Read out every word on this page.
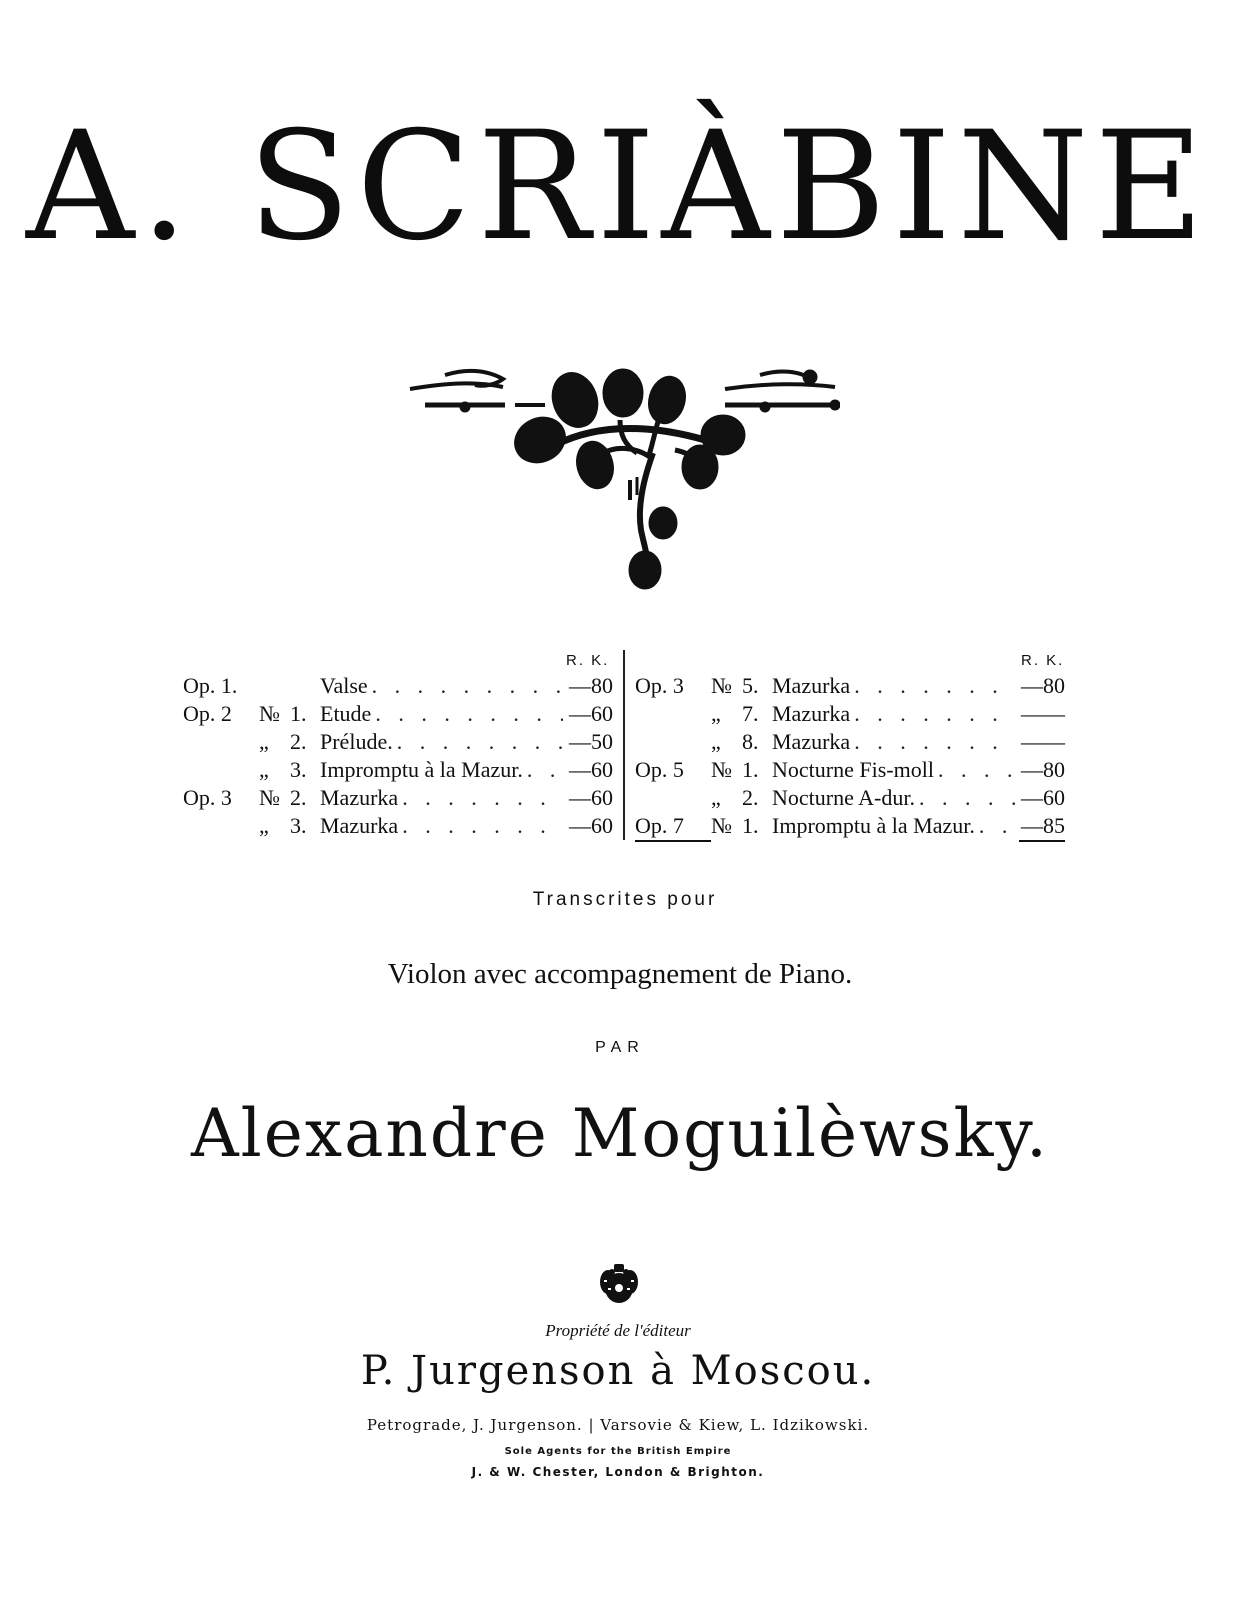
A. SCRIÀBINE
R. K.	R. K.
Op. 1.	Valse . . .	—80
Op. 2	№ 1. Etude . . .	—60
„ 2. Prélude. . . .	—50
„ 3. Impromptu à la Mazur. . . . —60
Op. 3	№ 2. Mazurka . . .	—60
„ 3. Mazurka . . .	—60
Op. 3	№ 5. Mazurka . . .	—80
„ 7. Mazurka . . .	——
„ 8. Mazurka . . .	——
Op. 5	№ 1. Nocturne Fis-moll . . .	—80
„ 2. Nocturne A-dur. . . .	—60
Op. 7	№ 1. Impromptu à la Mazur. . . . —85
Transcrites pour
Violon avec accompagnement de Piano.
PAR
Alexandre Moguilèwsky.
Propriété de l'éditeur
P. Jurgenson à Moscou.
Petrograde, J. Jurgenson. | Varsovie & Kiew, L. Idzikowski.
Sole Agents for the British Empire
J. & W. Chester, London & Brighton.
